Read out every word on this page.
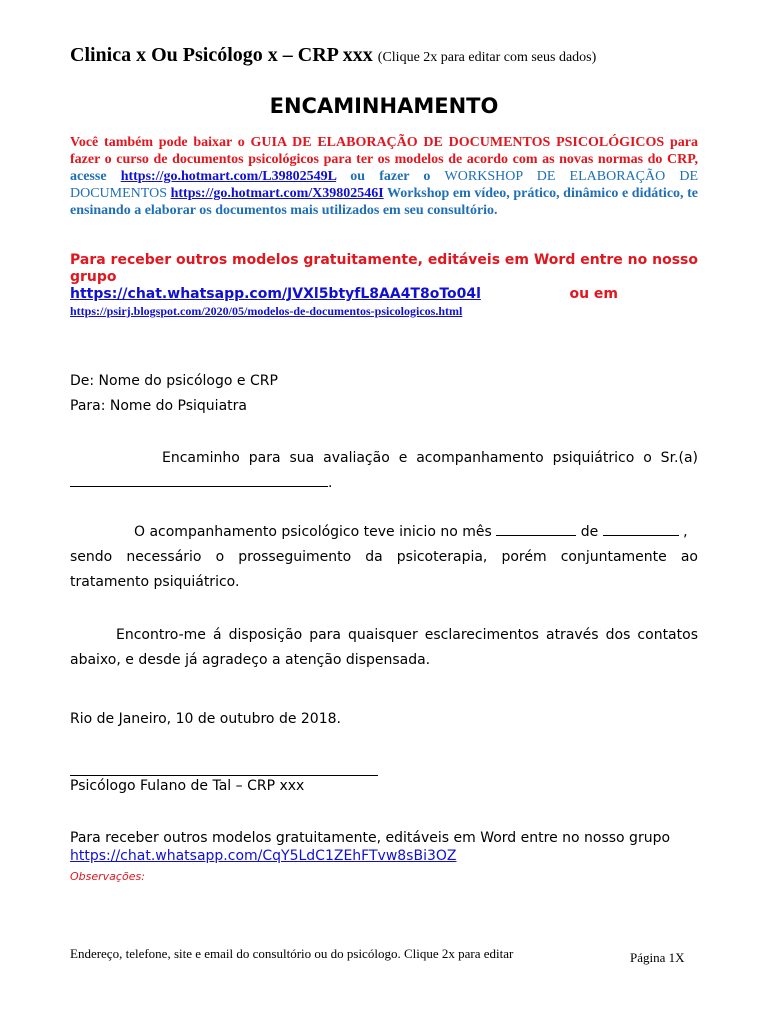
Clinica x Ou Psicólogo x – CRP xxx (Clique 2x para editar com seus dados)
ENCAMINHAMENTO
Você também pode baixar o GUIA DE ELABORAÇÃO DE DOCUMENTOS PSICOLÓGICOS para fazer o curso de documentos psicológicos para ter os modelos de acordo com as novas normas do CRP, acesse https://go.hotmart.com/L39802549L ou fazer o WORKSHOP DE ELABORAÇÃO DE DOCUMENTOS https://go.hotmart.com/X39802546I Workshop em vídeo, prático, dinâmico e didático, te ensinando a elaborar os documentos mais utilizados em seu consultório.
Para receber outros modelos gratuitamente, editáveis em Word entre no nosso grupo
https://chat.whatsapp.com/JVXl5btyfL8AA4T8oTo04l	ou em
https://psirj.blogspot.com/2020/05/modelos-de-documentos-psicologicos.html
De: Nome do psicólogo e CRP
Para: Nome do Psiquiatra
Encaminho para sua avaliação e acompanhamento psiquiátrico o Sr.(a)
.
O acompanhamento psicológico teve inicio no mês	de	,
sendo necessário o prosseguimento da psicoterapia, porém conjuntamente ao tratamento psiquiátrico.
Encontro-me á disposição para quaisquer esclarecimentos através dos contatos abaixo, e desde já agradeço a atenção dispensada.
Rio de Janeiro, 10 de outubro de 2018.
Psicólogo Fulano de Tal – CRP xxx
Para receber outros modelos gratuitamente, editáveis em Word entre no nosso grupo
https://chat.whatsapp.com/CqY5LdC1ZEhFTvw8sBi3OZ
Observações:
Endereço, telefone, site e email do consultório ou do psicólogo. Clique 2x para editar	Página 1X
